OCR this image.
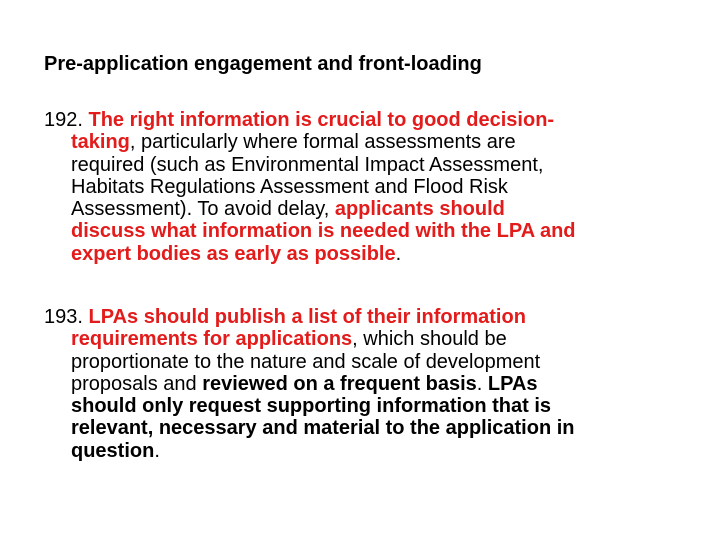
Pre-application engagement and front-loading
192. The right information is crucial to good decision-
taking, particularly where formal assessments are
required (such as Environmental Impact Assessment,
Habitats Regulations Assessment and Flood Risk
Assessment). To avoid delay, applicants should
discuss what information is needed with the LPA and
expert bodies as early as possible.
193. LPAs should publish a list of their information
requirements for applications, which should be
proportionate to the nature and scale of development
proposals and reviewed on a frequent basis. LPAs
should only request supporting information that is
relevant, necessary and material to the application in
question.
